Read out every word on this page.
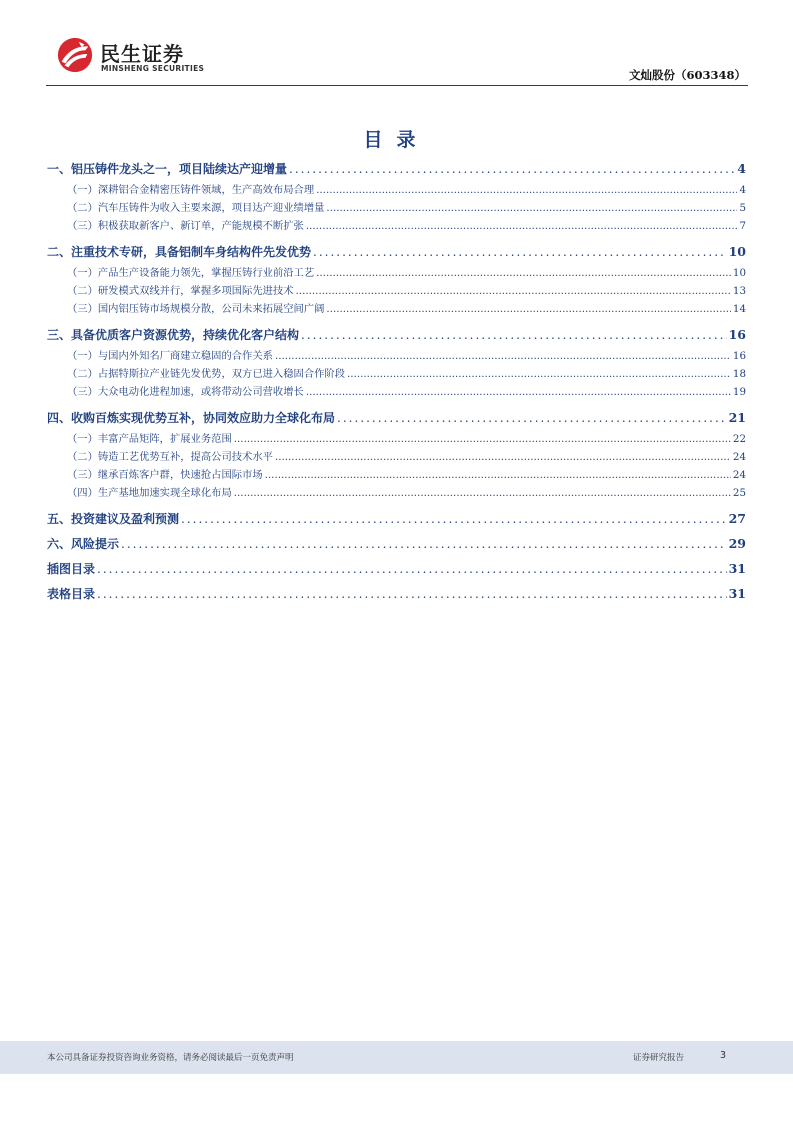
民生证券
MINSHENG SECURITIES	文灿股份（603348）
目录
一、铝压铸件龙头之一，项目陆续达产迎增量 .....	4
（一）深耕铝合金精密压铸件领域，生产高效布局合理 .....	4
（二）汽车压铸件为收入主要来源，项目达产迎业绩增量 .....	5
（三）积极获取新客户、新订单，产能规模不断扩张 .....	7
二、注重技术专研，具备铝制车身结构件先发优势 .....	10
（一）产品生产设备能力领先，掌握压铸行业前沿工艺 .....	10
（二）研发模式双线并行，掌握多项国际先进技术 .....	13
（三）国内铝压铸市场规模分散，公司未来拓展空间广阔 .....	14
三、具备优质客户资源优势，持续优化客户结构 .....	16
（一）与国内外知名厂商建立稳固的合作关系 .....	16
（二）占据特斯拉产业链先发优势，双方已进入稳固合作阶段 .....	18
（三）大众电动化进程加速，或将带动公司营收增长 .....	19
四、收购百炼实现优势互补，协同效应助力全球化布局 .....	21
（一）丰富产品矩阵，扩展业务范围 .....	22
（二）铸造工艺优势互补，提高公司技术水平 .....	24
（三）继承百炼客户群，快速抢占国际市场 .....	24
（四）生产基地加速实现全球化布局 .....	25
五、投资建议及盈利预测 .....	27
六、风险提示 .....	29
插图目录 .....	31
表格目录 .....	31
本公司具备证券投资咨询业务资格，请务必阅读最后一页免责声明	证券研究报告	3
